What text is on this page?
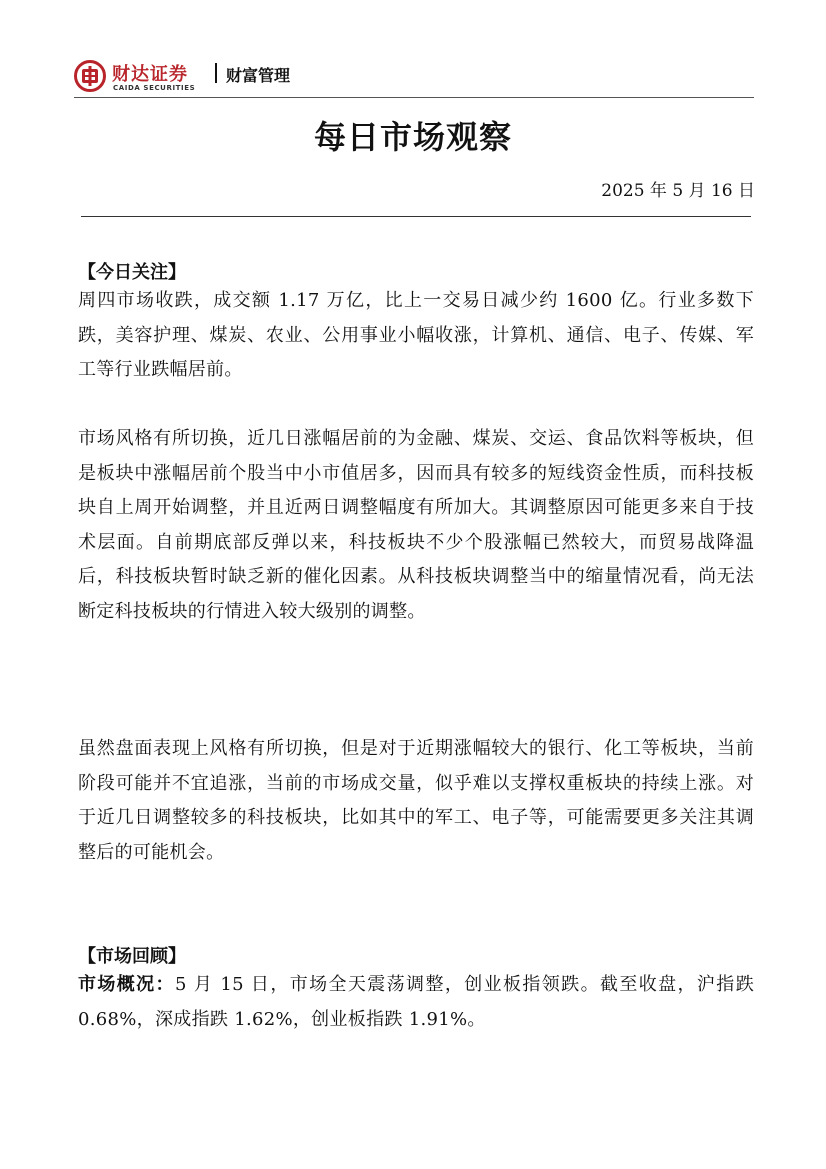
财达证券
CAIDA SECURITIES
财富管理
每日市场观察
2025 年 5 月 16 日
【今日关注】

周四市场收跌，成交额 1.17 万亿，比上一交易日减少约 1600 亿。行业多数下跌，美容护理、煤炭、农业、公用事业小幅收涨，计算机、通信、电子、传媒、军工等行业跌幅居前。

市场风格有所切换，近几日涨幅居前的为金融、煤炭、交运、食品饮料等板块，但是板块中涨幅居前个股当中小市值居多，因而具有较多的短线资金性质，而科技板块自上周开始调整，并且近两日调整幅度有所加大。其调整原因可能更多来自于技术层面。自前期底部反弹以来，科技板块不少个股涨幅已然较大，而贸易战降温后，科技板块暂时缺乏新的催化因素。从科技板块调整当中的缩量情况看，尚无法断定科技板块的行情进入较大级别的调整。

虽然盘面表现上风格有所切换，但是对于近期涨幅较大的银行、化工等板块，当前阶段可能并不宜追涨，当前的市场成交量，似乎难以支撑权重板块的持续上涨。对于近几日调整较多的科技板块，比如其中的军工、电子等，可能需要更多关注其调整后的可能机会。

【市场回顾】

市场概况：5 月 15 日，市场全天震荡调整，创业板指领跌。截至收盘，沪指跌 0.68%，深成指跌 1.62%，创业板指跌 1.91%。
